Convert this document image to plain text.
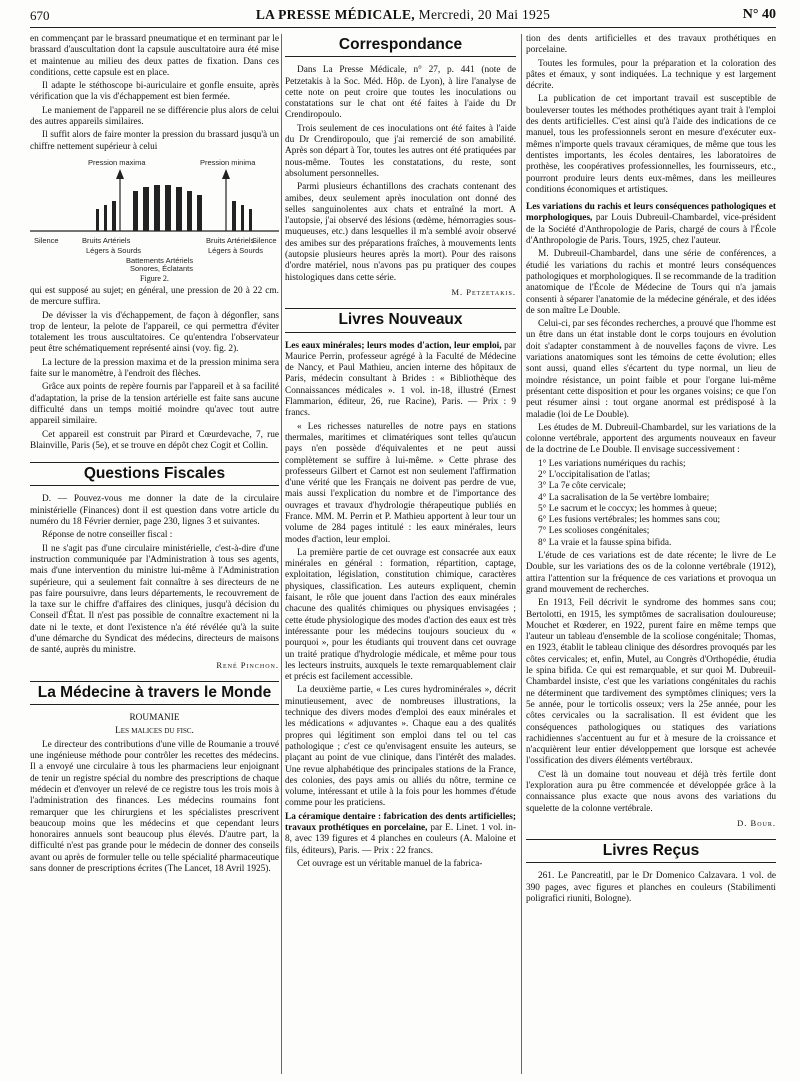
670	LA PRESSE MÉDICALE, Mercredi, 20 Mai 1925	N° 40

en commençant par le brassard pneumatique et en terminant par le brassard d'auscultation dont la capsule auscultatoire aura été mise et maintenue au milieu des deux pattes de fixation. Dans ces conditions, cette capsule est en place.

Il adapte le stéthoscope bi-auriculaire et gonfle ensuite, après vérification que la vis d'échappement est bien fermée.

Le maniement de l'appareil ne se différencie plus alors de celui des autres appareils similaires.

Il suffit alors de faire monter la pression du brassard jusqu'à un chiffre nettement supérieur à celui

Pression maxima	Pression minima
Silence	Bruits Artériels
Légers à Sourds
Bruits Artériels
Légers à Sourds
Silence
Battements Artériels
Sonores, Éclatants
Figure 2.

qui est supposé au sujet; en général, une pression de 20 à 22 cm. de mercure suffira.

De dévisser la vis d'échappement, de façon à dégonfler, sans trop de lenteur, la pelote de l'appareil, ce qui permettra d'éviter totalement les trous auscultatoires. Ce qu'entendra l'observateur peut être schématiquement représenté ainsi (voy. fig. 2).

La lecture de la pression maxima et de la pression minima sera faite sur le manomètre, à l'endroit des flèches.

Grâce aux points de repère fournis par l'appareil et à sa facilité d'adaptation, la prise de la tension artérielle est faite sans aucune difficulté dans un temps moitié moindre qu'avec tout autre appareil similaire.

Cet appareil est construit par Pirard et Cœurdevache, 7, rue Blainville, Paris (5e), et se trouve en dépôt chez Cogit et Collin.

Questions Fiscales

D. — Pouvez-vous me donner la date de la circulaire ministérielle (Finances) dont il est question dans votre article du numéro du 18 Février dernier, page 230, lignes 3 et suivantes.

Réponse de notre conseiller fiscal :

Il ne s'agit pas d'une circulaire ministérielle, c'est-à-dire d'une instruction communiquée par l'Administration à tous ses agents, mais d'une intervention du ministre lui-même à l'Administration supérieure, qui a seulement fait connaître à ses directeurs de ne pas faire poursuivre, dans leurs départements, le recouvrement de la taxe sur le chiffre d'affaires des cliniques, jusqu'à décision du Conseil d'État. Il n'est pas possible de connaître exactement ni la date ni le texte, et dont l'existence n'a été révélée qu'à la suite d'une démarche du Syndicat des médecins, directeurs de maisons de santé, auprès du ministre.

René Pinchon.

La Médecine à travers le Monde

ROUMANIE

Les malices du fisc.

Le directeur des contributions d'une ville de Roumanie a trouvé une ingénieuse méthode pour contrôler les recettes des médecins. Il a envoyé une circulaire à tous les pharmaciens leur enjoignant de tenir un registre spécial du nombre des prescriptions de chaque médecin et d'envoyer un relevé de ce registre tous les trois mois à l'administration des finances. Les médecins roumains font remarquer que les chirurgiens et les spécialistes prescrivent beaucoup moins que les médecins et que cependant leurs honoraires annuels sont beaucoup plus élevés. D'autre part, la difficulté n'est pas grande pour le médecin de donner des conseils avant ou après de formuler telle ou telle spécialité pharmaceutique sans donner de prescriptions écrites (The Lancet, 18 Avril 1925).

Correspondance

Dans La Presse Médicale, n° 27, p. 441 (note de Petzetakis à la Soc. Méd. Hôp. de Lyon), à lire l'analyse de cette note on peut croire que toutes les inoculations ou constatations sur le chat ont été faites à l'aide du Dr Crendiropoulo.

Trois seulement de ces inoculations ont été faites à l'aide du Dr Crendiropoulo, que j'ai remercié de son amabilité. Après son départ à Tor, toutes les autres ont été pratiquées par nous-même. Toutes les constatations, du reste, sont absolument personnelles.

Parmi plusieurs échantillons des crachats contenant des amibes, deux seulement après inoculation ont donné des selles sanguinolentes aux chats et entraîné la mort. A l'autopsie, j'ai observé des lésions (œdème, hémorragies sous-muqueuses, etc.) dans lesquelles il m'a semblé avoir observé des amibes sur des préparations fraîches, à mouvements lents (autopsie plusieurs heures après la mort). Pour des raisons d'ordre matériel, nous n'avons pas pu pratiquer des coupes histologiques dans cette série.

M. Petzetakis.

Livres Nouveaux

Les eaux minérales; leurs modes d'action, leur emploi, par Maurice Perrin, professeur agrégé à la Faculté de Médecine de Nancy, et Paul Mathieu, ancien interne des hôpitaux de Paris, médecin consultant à Brides : « Bibliothèque des Connaissances médicales ». 1 vol. in-18, illustré (Ernest Flammarion, éditeur, 26, rue Racine), Paris. — Prix : 9 francs.

« Les richesses naturelles de notre pays en stations thermales, maritimes et climatériques sont telles qu'aucun pays n'en possède d'équivalentes et ne peut aussi complètement se suffire à lui-même. » Cette phrase des professeurs Gilbert et Carnot est non seulement l'affirmation d'une vérité que les Français ne doivent pas perdre de vue, mais aussi l'explication du nombre et de l'importance des ouvrages et travaux d'hydrologie thérapeutique publiés en France. MM. M. Perrin et P. Mathieu apportent à leur tour un volume de 284 pages intitulé : les eaux minérales, leurs modes d'action, leur emploi.

La première partie de cet ouvrage est consacrée aux eaux minérales en général : formation, répartition, captage, exploitation, législation, constitution chimique, caractères physiques, classification. Les auteurs expliquent, chemin faisant, le rôle que jouent dans l'action des eaux minérales chacune des qualités chimiques ou physiques envisagées ; cette étude physiologique des modes d'action des eaux est très intéressante pour les médecins toujours soucieux du « pourquoi », pour les étudiants qui trouvent dans cet ouvrage un traité pratique d'hydrologie médicale, et même pour tous les lecteurs instruits, auxquels le texte remarquablement clair et précis est facilement accessible.

La deuxième partie, « Les cures hydrominérales », décrit minutieusement, avec de nombreuses illustrations, la technique des divers modes d'emploi des eaux minérales et les médications « adjuvantes ». Chaque eau a des qualités propres qui légitiment son emploi dans tel ou tel cas pathologique ; c'est ce qu'envisagent ensuite les auteurs, se plaçant au point de vue clinique, dans l'intérêt des malades. Une revue alphabétique des principales stations de la France, des colonies, des pays amis ou alliés du nôtre, termine ce volume, intéressant et utile à la fois pour les hommes d'étude comme pour les praticiens.

La céramique dentaire : fabrication des dents artificielles; travaux prothétiques en porcelaine, par E. Linet. 1 vol. in-8, avec 139 figures et 4 planches en couleurs (A. Maloine et fils, éditeurs), Paris. — Prix : 22 francs.

Cet ouvrage est un véritable manuel de la fabrica-

tion des dents artificielles et des travaux prothétiques en porcelaine.

Toutes les formules, pour la préparation et la coloration des pâtes et émaux, y sont indiquées. La technique y est largement décrite.

La publication de cet important travail est susceptible de bouleverser toutes les méthodes prothétiques ayant trait à l'emploi des dents artificielles. C'est ainsi qu'à l'aide des indications de ce manuel, tous les professionnels seront en mesure d'exécuter eux-mêmes n'importe quels travaux céramiques, de même que tous les dentistes importants, les écoles dentaires, les laboratoires de prothèse, les coopératives professionnelles, les fournisseurs, etc., pourront produire leurs dents eux-mêmes, dans les meilleures conditions économiques et artistiques.

Les variations du rachis et leurs conséquences pathologiques et morphologiques, par Louis Dubreuil-Chambardel, vice-président de la Société d'Anthropologie de Paris, chargé de cours à l'École d'Anthropologie de Paris. Tours, 1925, chez l'auteur.

M. Dubreuil-Chambardel, dans une série de conférences, a étudié les variations du rachis et montré leurs conséquences pathologiques et morphologiques. Il se recommande de la tradition anatomique de l'École de Médecine de Tours qui n'a jamais consenti à séparer l'anatomie de la médecine générale, et des idées de son maître Le Double.

Celui-ci, par ses fécondes recherches, a prouvé que l'homme est un être dans un état instable dont le corps toujours en évolution doit s'adapter constamment à de nouvelles façons de vivre. Les variations anatomiques sont les témoins de cette évolution; elles sont aussi, quand elles s'écartent du type normal, un lieu de moindre résistance, un point faible et pour l'organe lui-même présentant cette disposition et pour les organes voisins; ce que l'on peut résumer ainsi : tout organe anormal est prédisposé à la maladie (loi de Le Double).

Les études de M. Dubreuil-Chambardel, sur les variations de la colonne vertébrale, apportent des arguments nouveaux en faveur de la doctrine de Le Double. Il envisage successivement :

1° Les variations numériques du rachis;
2° L'occipitalisation de l'atlas;
3° La 7e côte cervicale;
4° La sacralisation de la 5e vertèbre lombaire;
5° Le sacrum et le coccyx; les hommes à queue;
6° Les fusions vertébrales; les hommes sans cou;
7° Les scolioses congénitales;
8° La vraie et la fausse spina bifida.

L'étude de ces variations est de date récente; le livre de Le Double, sur les variations des os de la colonne vertébrale (1912), attira l'attention sur la fréquence de ces variations et provoqua un grand mouvement de recherches.

En 1913, Feil décrivit le syndrome des hommes sans cou; Bertolotti, en 1915, les symptômes de sacralisation douloureuse; Mouchet et Rœderer, en 1922, purent faire en même temps que l'auteur un tableau d'ensemble de la scoliose congénitale; Thomas, en 1923, établit le tableau clinique des désordres provoqués par les côtes cervicales; et, enfin, Mutel, au Congrès d'Orthopédie, étudia le spina bifida. Ce qui est remarquable, et sur quoi M. Dubreuil-Chambardel insiste, c'est que les variations congénitales du rachis ne déterminent que tardivement des symptômes cliniques; vers la 5e année, pour le torticolis osseux; vers la 25e année, pour les côtes cervicales ou la sacralisation. Il est évident que les conséquences pathologiques ou statiques des variations rachidiennes s'accentuent au fur et à mesure de la croissance et n'acquièrent leur entier développement que lorsque est achevée l'ossification des divers éléments vertébraux.

C'est là un domaine tout nouveau et déjà très fertile dont l'exploration aura pu être commencée et développée grâce à la connaissance plus exacte que nous avons des variations du squelette de la colonne vertébrale.

D. Bour.

Livres Reçus

261. Le Pancreatitl, par le Dr Domenico Calzavara. 1 vol. de 390 pages, avec figures et planches en couleurs (Stabilimenti poligrafici riuniti, Bologne).
